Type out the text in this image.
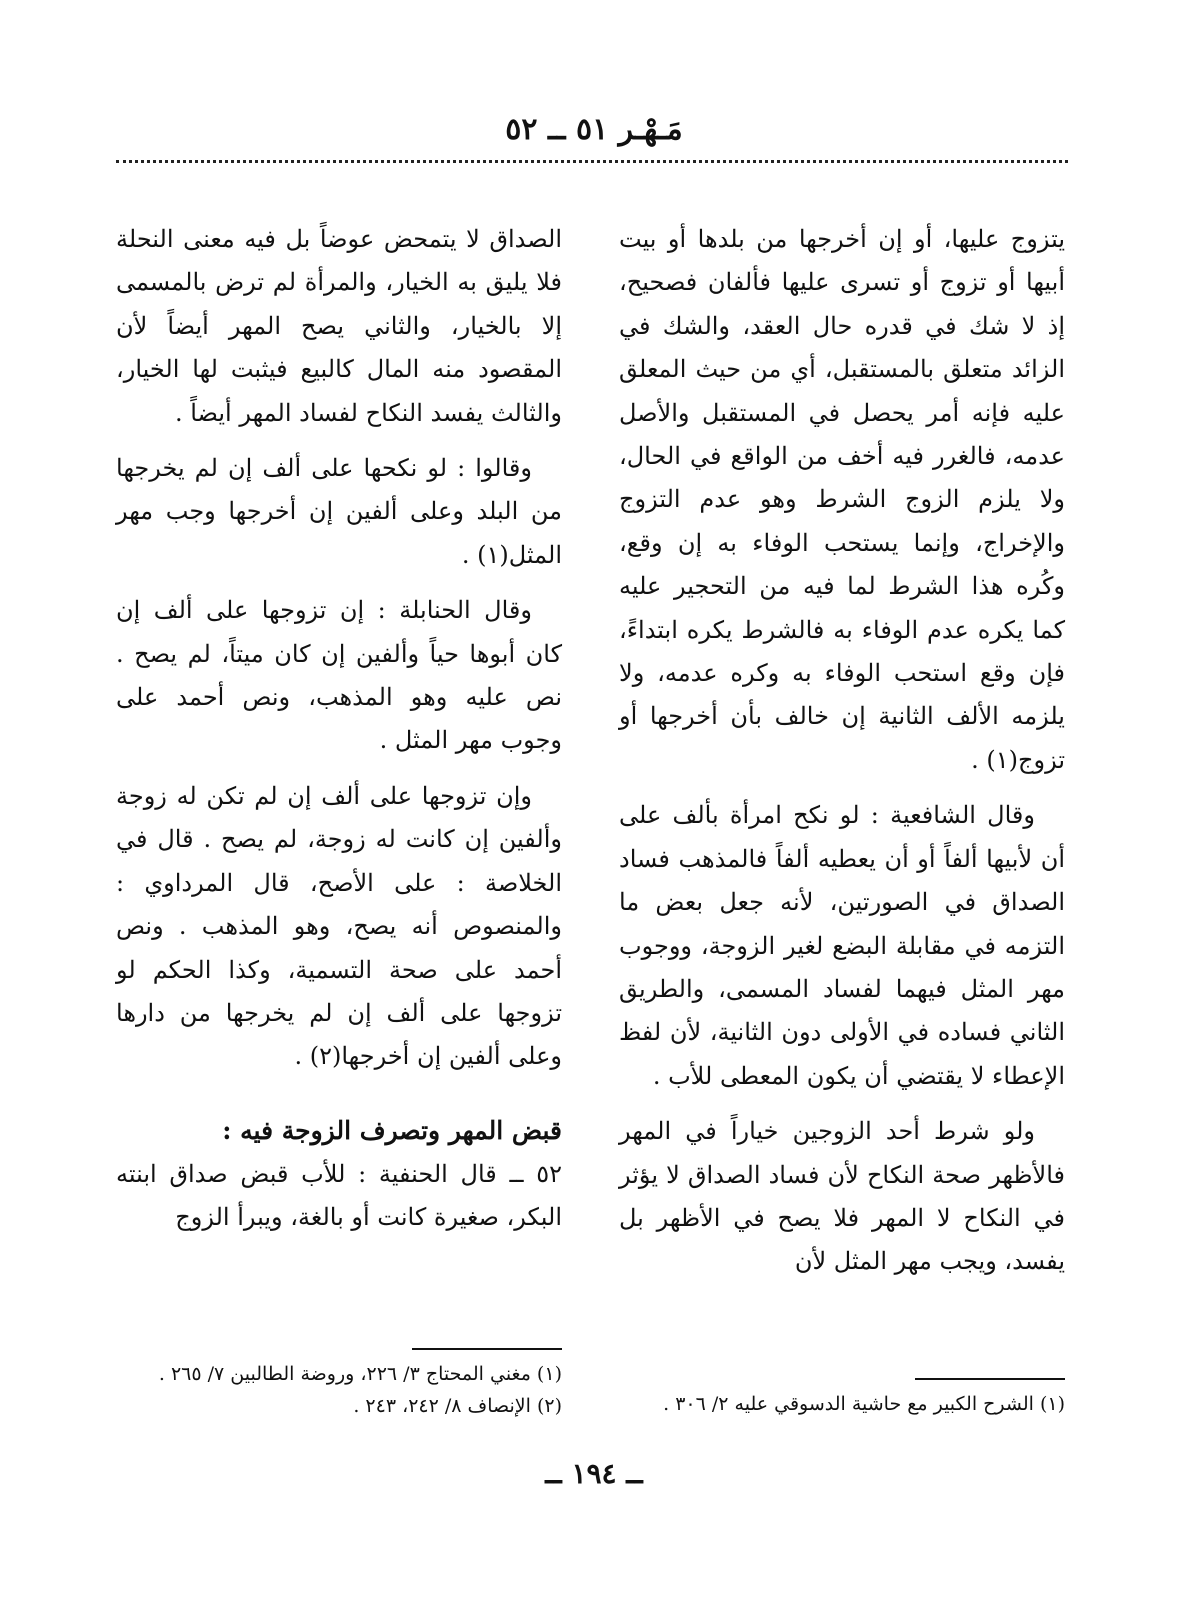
مَـهْـر ٥١ ــ ٥٢

يتزوج عليها، أو إن أخرجها من بلدها أو بيت أبيها أو تزوج أو تسرى عليها فألفان فصحيح، إذ لا شك في قدره حال العقد، والشك في الزائد متعلق بالمستقبل، أي من حيث المعلق عليه فإنه أمر يحصل في المستقبل والأصل عدمه، فالغرر فيه أخف من الواقع في الحال، ولا يلزم الزوج الشرط وهو عدم التزوج والإخراج، وإنما يستحب الوفاء به إن وقع، وكُره هذا الشرط لما فيه من التحجير عليه كما يكره عدم الوفاء به فالشرط يكره ابتداءً، فإن وقع استحب الوفاء به وكره عدمه، ولا يلزمه الألف الثانية إن خالف بأن أخرجها أو تزوج(١) .

وقال الشافعية : لو نكح امرأة بألف على أن لأبيها ألفاً أو أن يعطيه ألفاً فالمذهب فساد الصداق في الصورتين، لأنه جعل بعض ما التزمه في مقابلة البضع لغير الزوجة، ووجوب مهر المثل فيهما لفساد المسمى، والطريق الثاني فساده في الأولى دون الثانية، لأن لفظ الإعطاء لا يقتضي أن يكون المعطى للأب .

ولو شرط أحد الزوجين خياراً في المهر فالأظهر صحة النكاح لأن فساد الصداق لا يؤثر في النكاح لا المهر فلا يصح في الأظهر بل يفسد، ويجب مهر المثل لأن

الصداق لا يتمحض عوضاً بل فيه معنى النحلة فلا يليق به الخيار، والمرأة لم ترض بالمسمى إلا بالخيار، والثاني يصح المهر أيضاً لأن المقصود منه المال كالبيع فيثبت لها الخيار، والثالث يفسد النكاح لفساد المهر أيضاً .

وقالوا : لو نكحها على ألف إن لم يخرجها من البلد وعلى ألفين إن أخرجها وجب مهر المثل(١) .

وقال الحنابلة : إن تزوجها على ألف إن كان أبوها حياً وألفين إن كان ميتاً، لم يصح . نص عليه وهو المذهب، ونص أحمد على وجوب مهر المثل .

وإن تزوجها على ألف إن لم تكن له زوجة وألفين إن كانت له زوجة، لم يصح . قال في الخلاصة : على الأصح، قال المرداوي : والمنصوص أنه يصح، وهو المذهب . ونص أحمد على صحة التسمية، وكذا الحكم لو تزوجها على ألف إن لم يخرجها من دارها وعلى ألفين إن أخرجها(٢) .

قبض المهر وتصرف الزوجة فيه :

٥٢ ــ قال الحنفية : للأب قبض صداق ابنته البكر، صغيرة كانت أو بالغة، ويبرأ الزوج

(١) الشرح الكبير مع حاشية الدسوقي عليه ٢/ ٣٠٦ .
(١) مغني المحتاج ٣/ ٢٢٦، وروضة الطالبين ٧/ ٢٦٥ .
(٢) الإنصاف ٨/ ٢٤٢، ٢٤٣ .
ــ ١٩٤ ــ
